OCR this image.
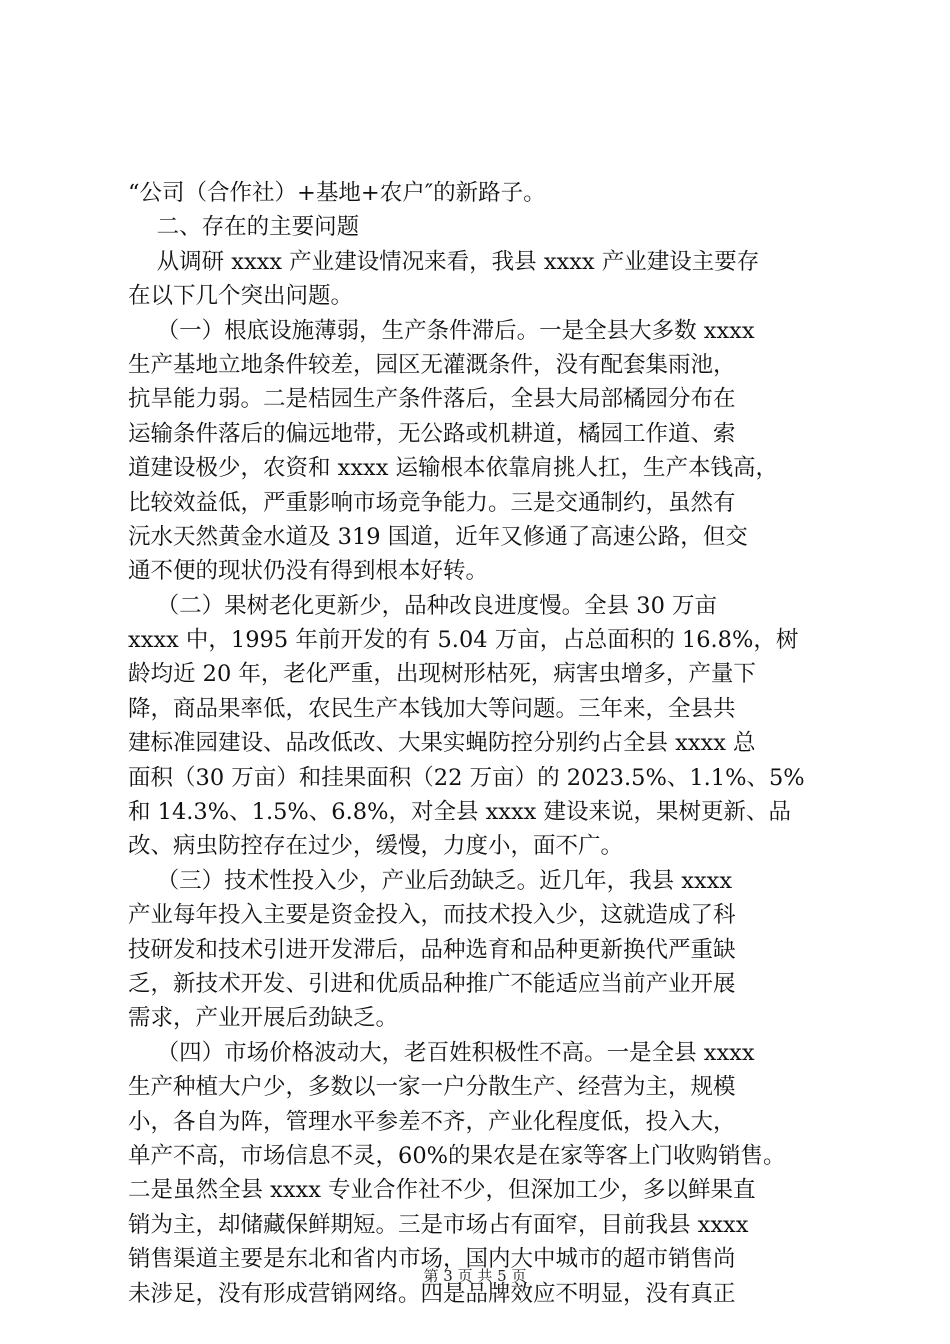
“公司（合作社）+基地+农户″的新路子。
二、存在的主要问题
从调研 xxxx 产业建设情况来看，我县 xxxx 产业建设主要存
在以下几个突出问题。
（一）根底设施薄弱，生产条件滞后。一是全县大多数 xxxx
生产基地立地条件较差，园区无灌溉条件，没有配套集雨池，
抗旱能力弱。二是桔园生产条件落后，全县大局部橘园分布在
运输条件落后的偏远地带，无公路或机耕道，橘园工作道、索
道建设极少，农资和 xxxx 运输根本依靠肩挑人扛，生产本钱高，
比较效益低，严重影响市场竞争能力。三是交通制约，虽然有
沅水天然黄金水道及 319 国道，近年又修通了高速公路，但交
通不便的现状仍没有得到根本好转。
（二）果树老化更新少，品种改良进度慢。全县 30 万亩
xxxx 中，1995 年前开发的有 5.04 万亩，占总面积的 16.8%，树
龄均近 20 年，老化严重，出现树形枯死，病害虫增多，产量下
降，商品果率低，农民生产本钱加大等问题。三年来，全县共
建标准园建设、品改低改、大果实蝇防控分别约占全县 xxxx 总
面积（30 万亩）和挂果面积（22 万亩）的 2023.5%、1.1%、5%
和 14.3%、1.5%、6.8%，对全县 xxxx 建设来说，果树更新、品
改、病虫防控存在过少，缓慢，力度小，面不广。
（三）技术性投入少，产业后劲缺乏。近几年，我县 xxxx
产业每年投入主要是资金投入，而技术投入少，这就造成了科
技研发和技术引进开发滞后，品种选育和品种更新换代严重缺
乏，新技术开发、引进和优质品种推广不能适应当前产业开展
需求，产业开展后劲缺乏。
（四）市场价格波动大，老百姓积极性不高。一是全县 xxxx
生产种植大户少，多数以一家一户分散生产、经营为主，规模
小，各自为阵，管理水平参差不齐，产业化程度低，投入大，
单产不高，市场信息不灵，60%的果农是在家等客上门收购销售。
二是虽然全县 xxxx 专业合作社不少，但深加工少，多以鲜果直
销为主，却储藏保鲜期短。三是市场占有面窄，目前我县 xxxx
销售渠道主要是东北和省内市场，国内大中城市的超市销售尚
未涉足，没有形成营销网络。四是品牌效应不明显，没有真正
第 3 页 共 5 页
